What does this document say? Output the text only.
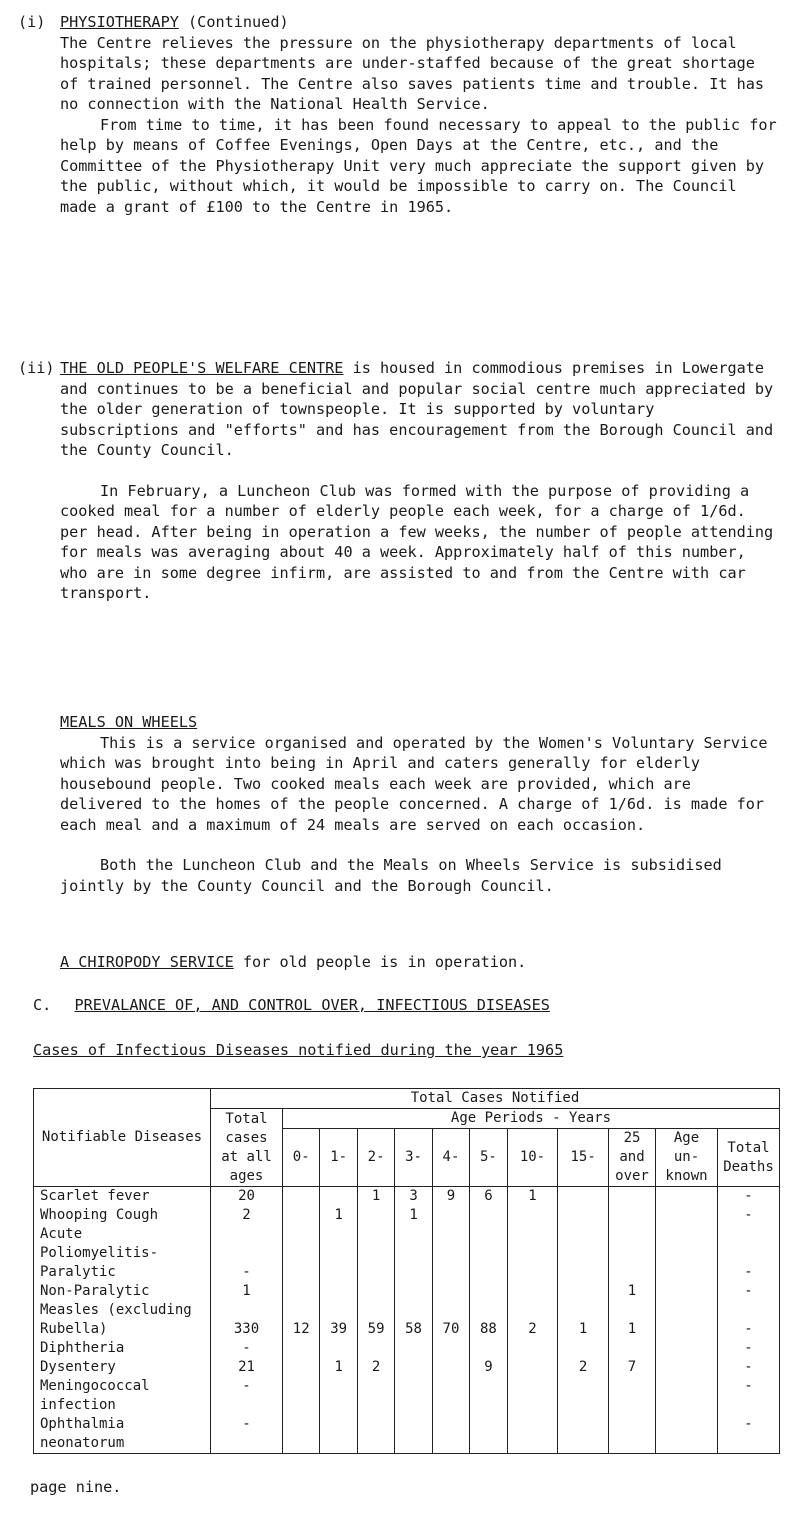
(i) PHYSIOTHERAPY (Continued)

The Centre relieves the pressure on the physiotherapy departments of local hospitals; these departments are under-staffed because of the great shortage of trained personnel. The Centre also saves patients time and trouble. It has no connection with the National Health Service.

From time to time, it has been found necessary to appeal to the public for help by means of Coffee Evenings, Open Days at the Centre, etc., and the Committee of the Physiotherapy Unit very much appreciate the support given by the public, without which, it would be impossible to carry on. The Council made a grant of £100 to the Centre in 1965.

(ii) THE OLD PEOPLE'S WELFARE CENTRE is housed in commodious premises in Lowergate and continues to be a beneficial and popular social centre much appreciated by the older generation of townspeople. It is supported by voluntary subscriptions and "efforts" and has encouragement from the Borough Council and the County Council.

In February, a Luncheon Club was formed with the purpose of providing a cooked meal for a number of elderly people each week, for a charge of 1/6d. per head. After being in operation a few weeks, the number of people attending for meals was averaging about 40 a week. Approximately half of this number, who are in some degree infirm, are assisted to and from the Centre with car transport.

MEALS ON WHEELS

This is a service organised and operated by the Women's Voluntary Service which was brought into being in April and caters generally for elderly housebound people. Two cooked meals each week are provided, which are delivered to the homes of the people concerned. A charge of 1/6d. is made for each meal and a maximum of 24 meals are served on each occasion.

Both the Luncheon Club and the Meals on Wheels Service is subsidised jointly by the County Council and the Borough Council.

A CHIROPODY SERVICE for old people is in operation.

C. PREVALANCE OF, AND CONTROL OVER, INFECTIOUS DISEASES
Cases of Infectious Diseases notified during the year 1965
Notifiable Diseases	Total Cases Notified											
	Total cases at all ages	Age Periods - Years										
		0-	1-	2-	3-	4-	5-	10-	15-	25 and over	Age un- known	Total Deaths
Scarlet fever	20			1	3	9	6	1				-
Whooping Cough	2		1		1							-
Acute Poliomyelitis-												
Paralytic	-											-
Non-Paralytic	1									1		-
Measles (excluding												
Rubella)	330	12	39	59	58	70	88	2	1	1		-
Diphtheria	-											-
Dysentery	21		1	2			9		2	7		-
Meningococcal infection	-											-
Ophthalmia neonatorum	-											-
page nine.
